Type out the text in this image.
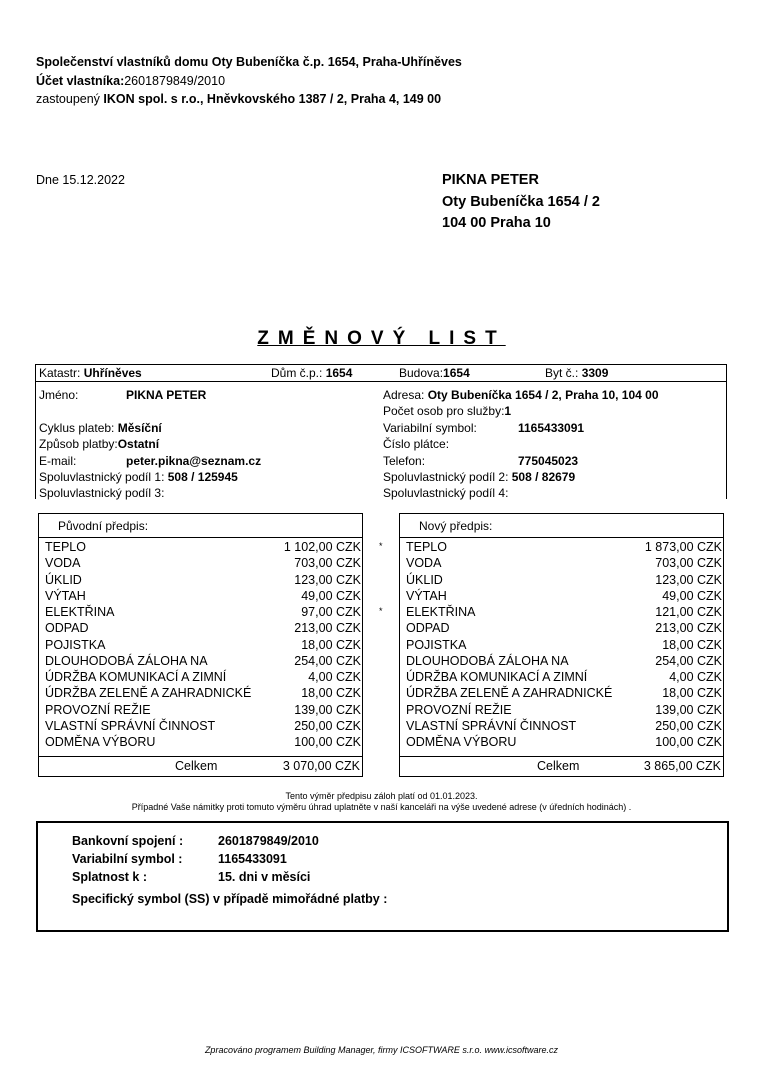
Společenství vlastníků domu Oty Bubeníčka č.p. 1654, Praha-Uhříněves
Účet vlastníka:2601879849/2010
zastoupený IKON spol. s r.o., Hněvkovského 1387 / 2, Praha 4, 149 00
Dne 15.12.2022	PIKNA PETER
Oty Bubeníčka 1654 / 2
104 00 Praha 10
ZMĚNOVÝ LIST
Katastr: Uhříněves	Dům č.p.: 1654	Budova:1654	Byt č.: 3309
Jméno:	PIKNA PETER	Adresa: Oty Bubeníčka 1654 / 2, Praha 10, 104 00
Počet osob pro služby:1
Cyklus plateb: Měsíční	Variabilní symbol:	1165433091
Způsob platby:Ostatní	Číslo plátce:
E-mail:	peter.pikna@seznam.cz	Telefon:	775045023
Spoluvlastnický podíl 1: 508 / 125945	Spoluvlastnický podíl 2: 508 / 82679
Spoluvlastnický podíl 3:	Spoluvlastnický podíl 4:
Původní předpis:
TEPLO	1 102,00 CZK
VODA	703,00 CZK
ÚKLID	123,00 CZK
VÝTAH	49,00 CZK
ELEKTŘINA	97,00 CZK
ODPAD	213,00 CZK
POJISTKA	18,00 CZK
DLOUHODOBÁ ZÁLOHA NA	254,00 CZK
ÚDRŽBA KOMUNIKACÍ A ZIMNÍ	4,00 CZK
ÚDRŽBA ZELENĚ A ZAHRADNICKÉ	18,00 CZK
PROVOZNÍ REŽIE	139,00 CZK
VLASTNÍ SPRÁVNÍ ČINNOST	250,00 CZK
ODMĚNA VÝBORU	100,00 CZK
Celkem	3 070,00 CZK
*
*
Nový předpis:
TEPLO	1 873,00 CZK
VODA	703,00 CZK
ÚKLID	123,00 CZK
VÝTAH	49,00 CZK
ELEKTŘINA	121,00 CZK
ODPAD	213,00 CZK
POJISTKA	18,00 CZK
DLOUHODOBÁ ZÁLOHA NA	254,00 CZK
ÚDRŽBA KOMUNIKACÍ A ZIMNÍ	4,00 CZK
ÚDRŽBA ZELENĚ A ZAHRADNICKÉ	18,00 CZK
PROVOZNÍ REŽIE	139,00 CZK
VLASTNÍ SPRÁVNÍ ČINNOST	250,00 CZK
ODMĚNA VÝBORU	100,00 CZK
Celkem	3 865,00 CZK
Tento výměr předpisu záloh platí od 01.01.2023.
Případné Vaše námitky proti tomuto výměru úhrad uplatněte v naší kanceláři na výše uvedené adrese (v úředních hodinách) .
Bankovní spojení :	2601879849/2010
Variabilní symbol :	1165433091
Splatnost k :	15. dni v měsíci
Specifický symbol (SS) v případě mimořádné platby :
Zpracováno programem Building Manager, firmy ICSOFTWARE s.r.o. www.icsoftware.cz
